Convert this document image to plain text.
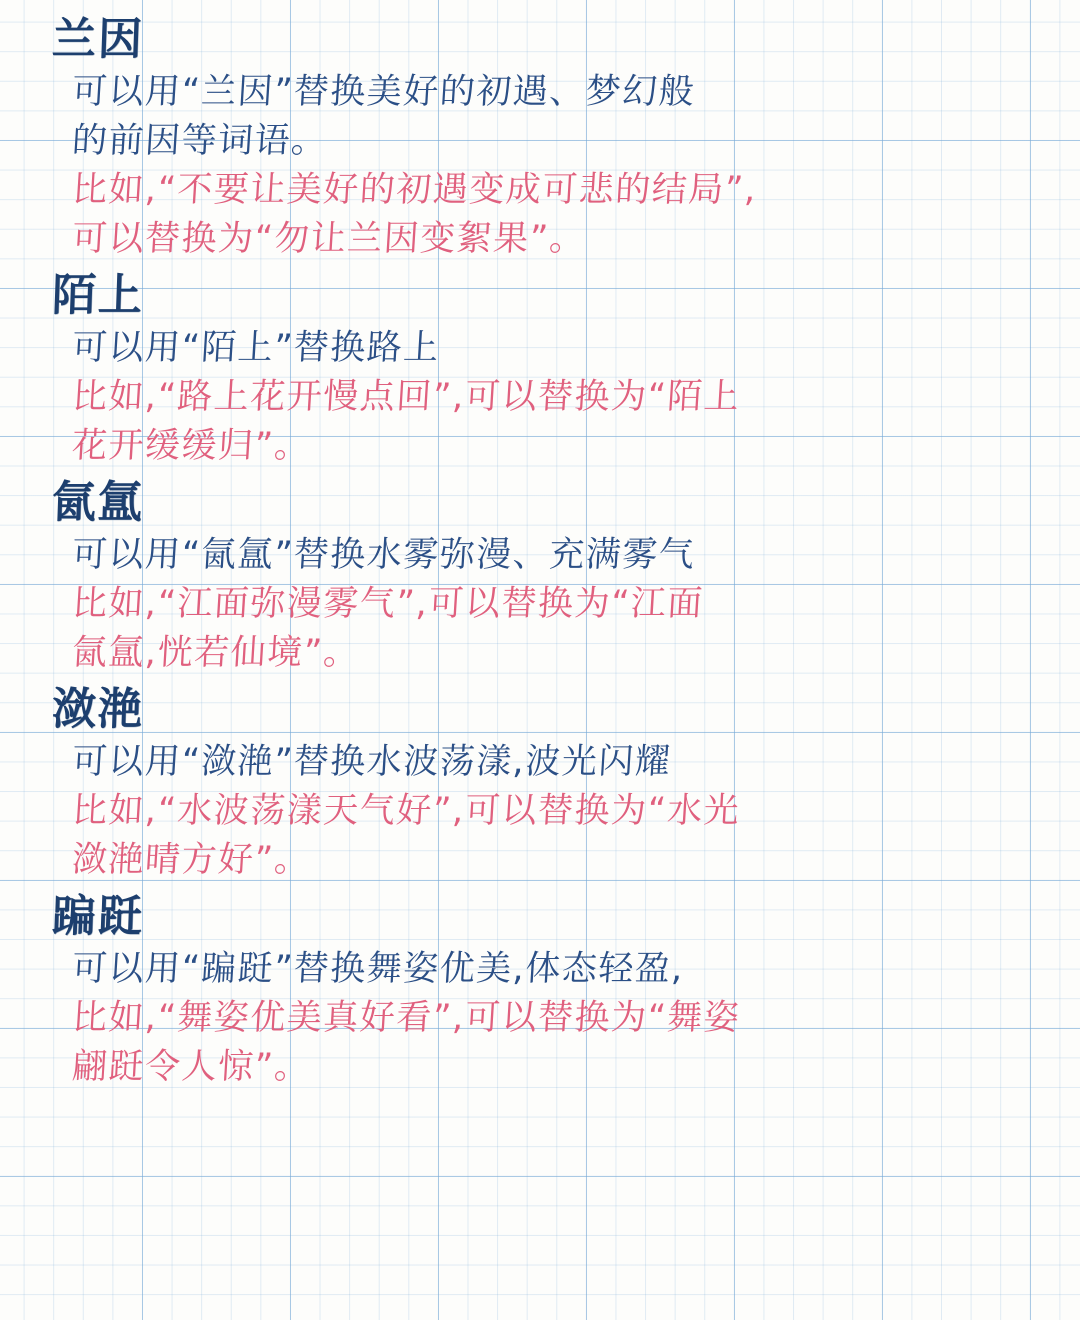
兰因
可以用“兰因”替换美好的初遇、梦幻般
的前因等词语。
比如,“不要让美好的初遇变成可悲的结局”,
可以替换为“勿让兰因变絮果”。
陌上
可以用“陌上”替换路上
比如,“路上花开慢点回”,可以替换为“陌上
花开缓缓归”。
氤氲
可以用“氤氲”替换水雾弥漫、充满雾气
比如,“江面弥漫雾气”,可以替换为“江面
氤氲,恍若仙境”。
潋滟
可以用“潋滟”替换水波荡漾,波光闪耀
比如,“水波荡漾天气好”,可以替换为“水光
潋滟晴方好”。
蹁跹
可以用“蹁跹”替换舞姿优美,体态轻盈,
比如,“舞姿优美真好看”,可以替换为“舞姿
翩跹令人惊”。
